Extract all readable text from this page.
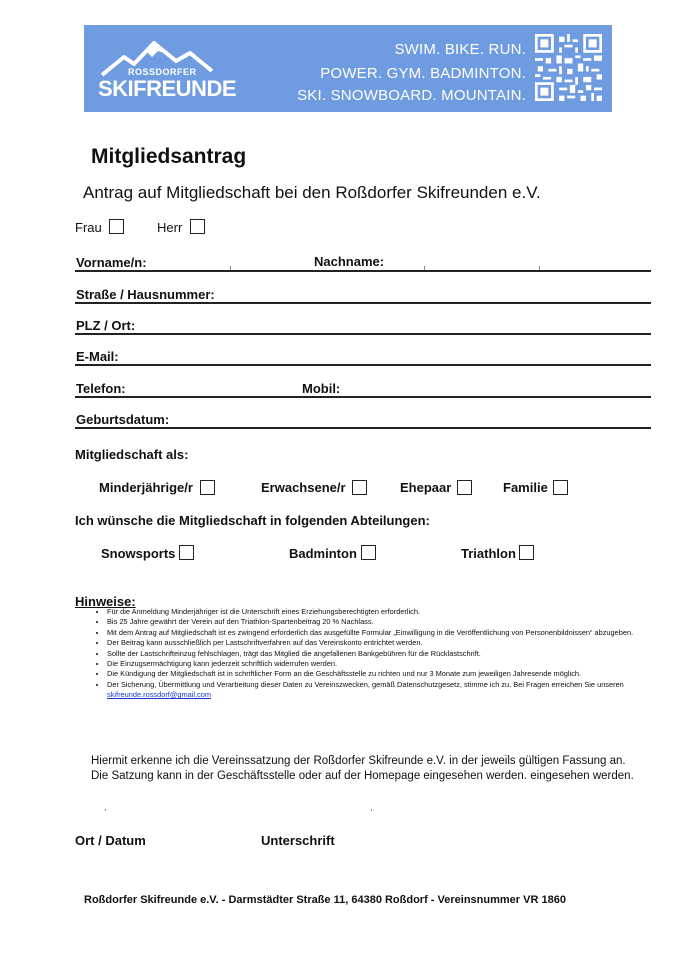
ROSSDORFER
SKIFREUNDE
SWIM. BIKE. RUN.
POWER. GYM. BADMINTON.
SKI. SNOWBOARD. MOUNTAIN.
Mitgliedsantrag
Antrag auf Mitgliedschaft bei den Roßdorfer Skifreunden e.V.
Frau	Herr
Vorname/n:	Nachname:
Straße / Hausnummer:
PLZ / Ort:
E-Mail:
Telefon:	Mobil:
Geburtsdatum:
Mitgliedschaft als:
Minderjährige/r	Erwachsene/r	Ehepaar	Familie
Ich wünsche die Mitgliedschaft in folgenden Abteilungen:
Snowsports	Badminton	Triathlon
Hinweise:
• Für die Anmeldung Minderjähriger ist die Unterschrift eines Erziehungsberechtigten erforderlich.
• Bis 25 Jahre gewährt der Verein auf den Triathlon-Spartenbeitrag 20 % Nachlass.
• Mit dem Antrag auf Mitgliedschaft ist es zwingend erforderlich das ausgefüllte Formular „Einwilligung in die Veröffentlichung von Personenbildnissen“ abzugeben.
• Der Beitrag kann ausschließlich per Lastschriftverfahren auf das Vereinskonto entrichtet werden.
• Sollte der Lastschrifteinzug fehlschlagen, trägt das Mitglied die angefallenen Bankgebühren für die Rücklastschrift.
• Die Einzugsermächtigung kann jederzeit schriftlich widerrufen werden.
• Die Kündigung der Mitgliedschaft ist in schriftlicher Form an die Geschäftsstelle zu richten und nur 3 Monate zum jeweiligen Jahresende möglich.
• Der Sicherung, Übermittlung und Verarbeitung dieser Daten zu Vereinszwecken, gemäß Datenschutzgesetz, stimme ich zu. Bei Fragen erreichen Sie unseren skifreunde.rossdorf@gmail.com
Hiermit erkenne ich die Vereinssatzung der Roßdorfer Skifreunde e.V. in der jeweils gültigen Fassung an.
Die Satzung kann in der Geschäftsstelle oder auf der Homepage eingesehen werden. eingesehen werden.
Ort / Datum	Unterschrift
Roßdorfer Skifreunde e.V. - Darmstädter Straße 11, 64380 Roßdorf - Vereinsnummer VR 1860
